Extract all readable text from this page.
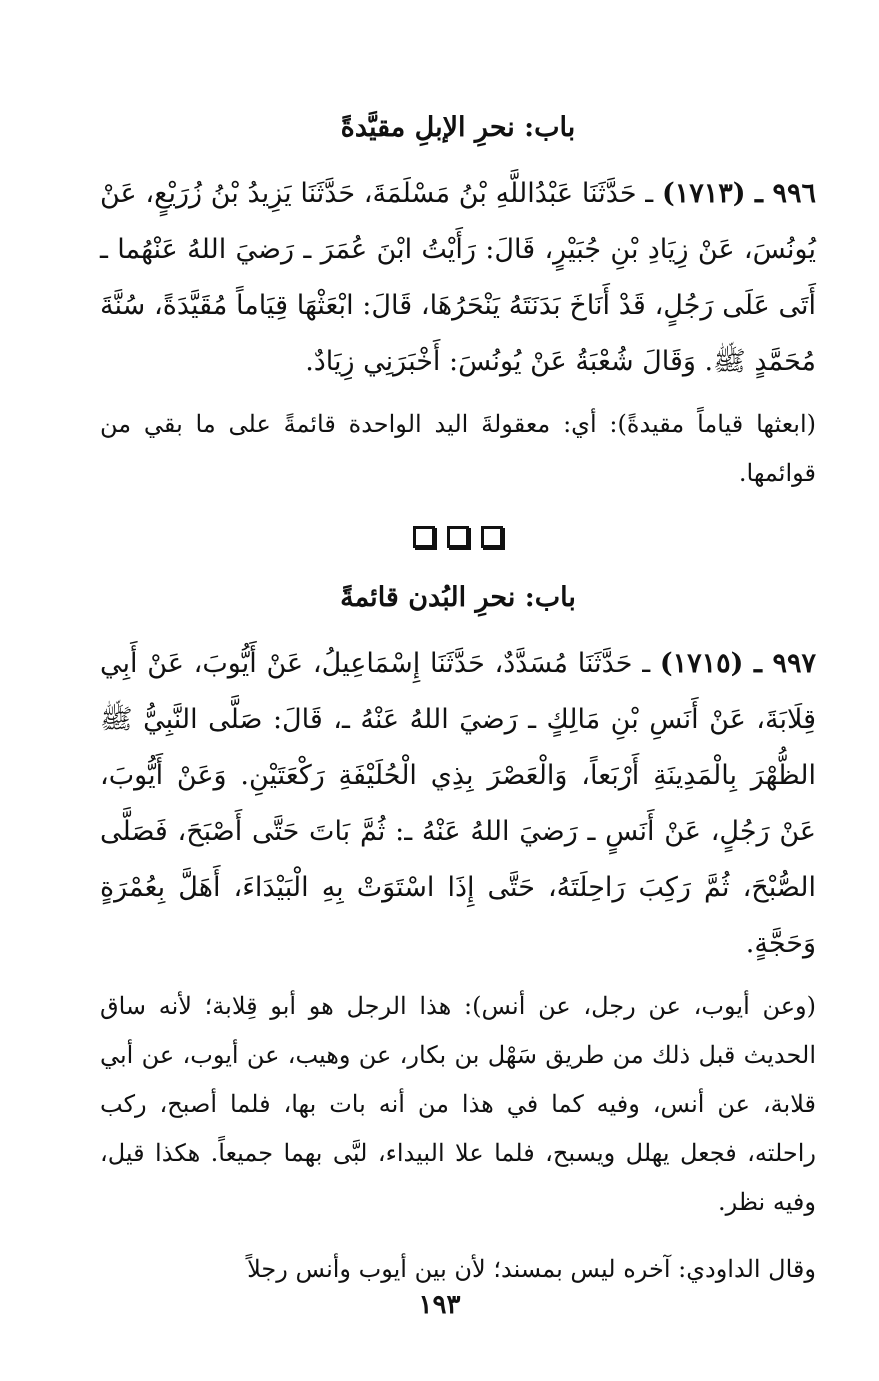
باب: نحرِ الإبلِ مقيَّدةً
٩٩٦ ـ (١٧١٣) ـ حَدَّثَنَا عَبْدُاللَّهِ بْنُ مَسْلَمَةَ، حَدَّثَنَا يَزِيدُ بْنُ زُرَيْعٍ، عَنْ يُونُسَ، عَنْ زِيَادِ بْنِ جُبَيْرٍ، قَالَ: رَأَيْتُ ابْنَ عُمَرَ ـ رَضيَ اللهُ عَنْهُما ـ أَتَى عَلَى رَجُلٍ، قَدْ أَنَاخَ بَدَنَتَهُ يَنْحَرُهَا، قَالَ: ابْعَثْهَا قِيَاماً مُقَيَّدَةً، سُنَّةَ مُحَمَّدٍ ﷺ. وَقَالَ شُعْبَةُ عَنْ يُونُسَ: أَخْبَرَنِي زِيَادٌ.
(ابعثها قياماً مقيدةً): أي: معقولةَ اليد الواحدة قائمةً على ما بقي من قوائمها.
باب: نحرِ البُدن قائمةً
٩٩٧ ـ (١٧١٥) ـ حَدَّثَنَا مُسَدَّدٌ، حَدَّثَنَا إِسْمَاعِيلُ، عَنْ أَيُّوبَ، عَنْ أَبِي قِلَابَةَ، عَنْ أَنَسِ بْنِ مَالِكٍ ـ رَضيَ اللهُ عَنْهُ ـ، قَالَ: صَلَّى النَّبِيُّ ﷺ الظُّهْرَ بِالْمَدِينَةِ أَرْبَعاً، وَالْعَصْرَ بِذِي الْحُلَيْفَةِ رَكْعَتَيْنِ. وَعَنْ أَيُّوبَ، عَنْ رَجُلٍ، عَنْ أَنَسٍ ـ رَضيَ اللهُ عَنْهُ ـ: ثُمَّ بَاتَ حَتَّى أَصْبَحَ، فَصَلَّى الصُّبْحَ، ثُمَّ رَكِبَ رَاحِلَتَهُ، حَتَّى إِذَا اسْتَوَتْ بِهِ الْبَيْدَاءَ، أَهَلَّ بِعُمْرَةٍ وَحَجَّةٍ.
(وعن أيوب، عن رجل، عن أنس): هذا الرجل هو أبو قِلابة؛ لأنه ساق الحديث قبل ذلك من طريق سَهْل بن بكار، عن وهيب، عن أيوب، عن أبي قلابة، عن أنس، وفيه كما في هذا من أنه بات بها، فلما أصبح، ركب راحلته، فجعل يهلل ويسبح، فلما علا البيداء، لبَّى بهما جميعاً. هكذا قيل، وفيه نظر.
وقال الداودي: آخره ليس بمسند؛ لأن بين أيوب وأنس رجلاً
١٩٣
